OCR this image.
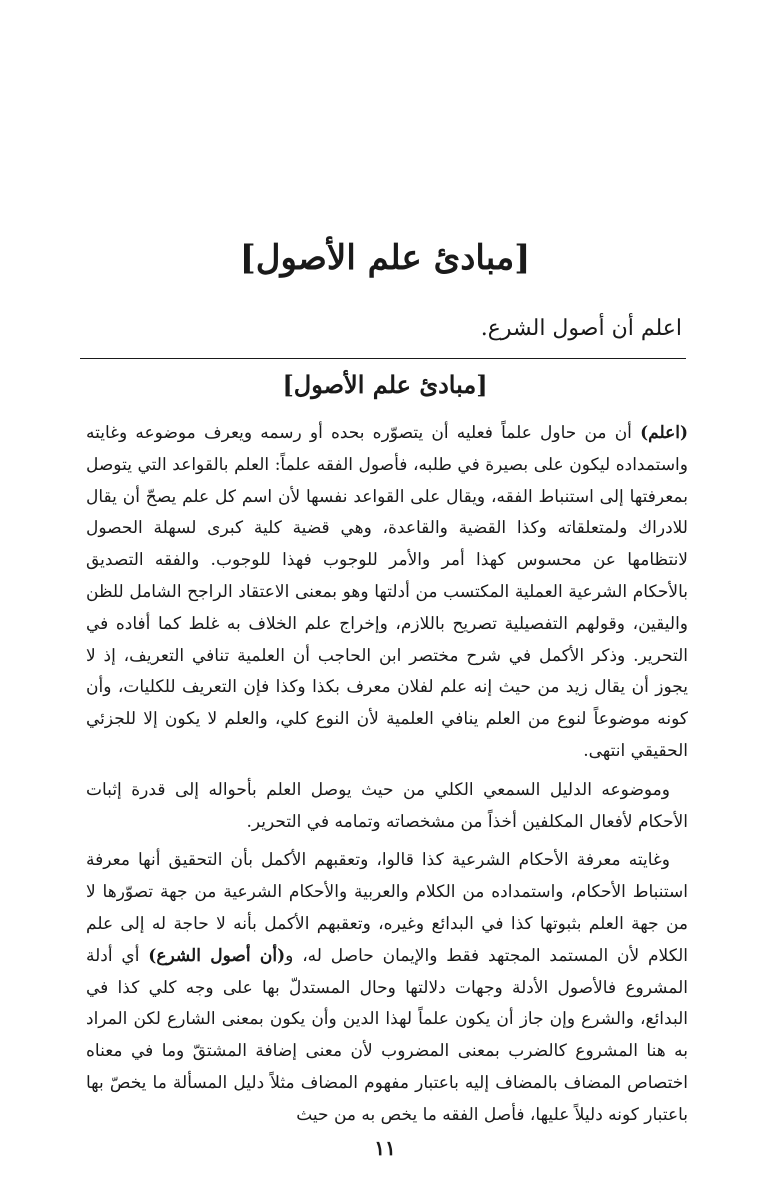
[مبادئ علم الأصول]
اعلم أن أصول الشرع.
[مبادئ علم الأصول]

(اعلم) أن من حاول علماً فعليه أن يتصوّره بحده أو رسمه ويعرف موضوعه وغايته واستمداده ليكون على بصيرة في طلبه، فأصول الفقه علماً: العلم بالقواعد التي يتوصل بمعرفتها إلى استنباط الفقه، ويقال على القواعد نفسها لأن اسم كل علم يصحّ أن يقال للادراك ولمتعلقاته وكذا القضية والقاعدة، وهي قضية كلية كبرى لسهلة الحصول لانتظامها عن محسوس كهذا أمر والأمر للوجوب فهذا للوجوب. والفقه التصديق بالأحكام الشرعية العملية المكتسب من أدلتها وهو بمعنى الاعتقاد الراجح الشامل للظن واليقين، وقولهم التفصيلية تصريح باللازم، وإخراج علم الخلاف به غلط كما أفاده في التحرير. وذكر الأكمل في شرح مختصر ابن الحاجب أن العلمية تنافي التعريف، إذ لا يجوز أن يقال زيد من حيث إنه علم لفلان معرف بكذا وكذا فإن التعريف للكليات، وأن كونه موضوعاً لنوع من العلم ينافي العلمية لأن النوع كلي، والعلم لا يكون إلا للجزئي الحقيقي انتهى.

وموضوعه الدليل السمعي الكلي من حيث يوصل العلم بأحواله إلى قدرة إثبات الأحكام لأفعال المكلفين أخذاً من مشخصاته وتمامه في التحرير.

وغايته معرفة الأحكام الشرعية كذا قالوا، وتعقبهم الأكمل بأن التحقيق أنها معرفة استنباط الأحكام، واستمداده من الكلام والعربية والأحكام الشرعية من جهة تصوّرها لا من جهة العلم بثبوتها كذا في البدائع وغيره، وتعقبهم الأكمل بأنه لا حاجة له إلى علم الكلام لأن المستمد المجتهد فقط والإيمان حاصل له، و(أن أصول الشرع) أي أدلة المشروع فالأصول الأدلة وجهات دلالتها وحال المستدلّ بها على وجه كلي كذا في البدائع، والشرع وإن جاز أن يكون علماً لهذا الدين وأن يكون بمعنى الشارع لكن المراد به هنا المشروع كالضرب بمعنى المضروب لأن معنى إضافة المشتقّ وما في معناه اختصاص المضاف بالمضاف إليه باعتبار مفهوم المضاف مثلاً دليل المسألة ما يخصّ بها باعتبار كونه دليلاً عليها، فأصل الفقه ما يخص به من حيث

١١
